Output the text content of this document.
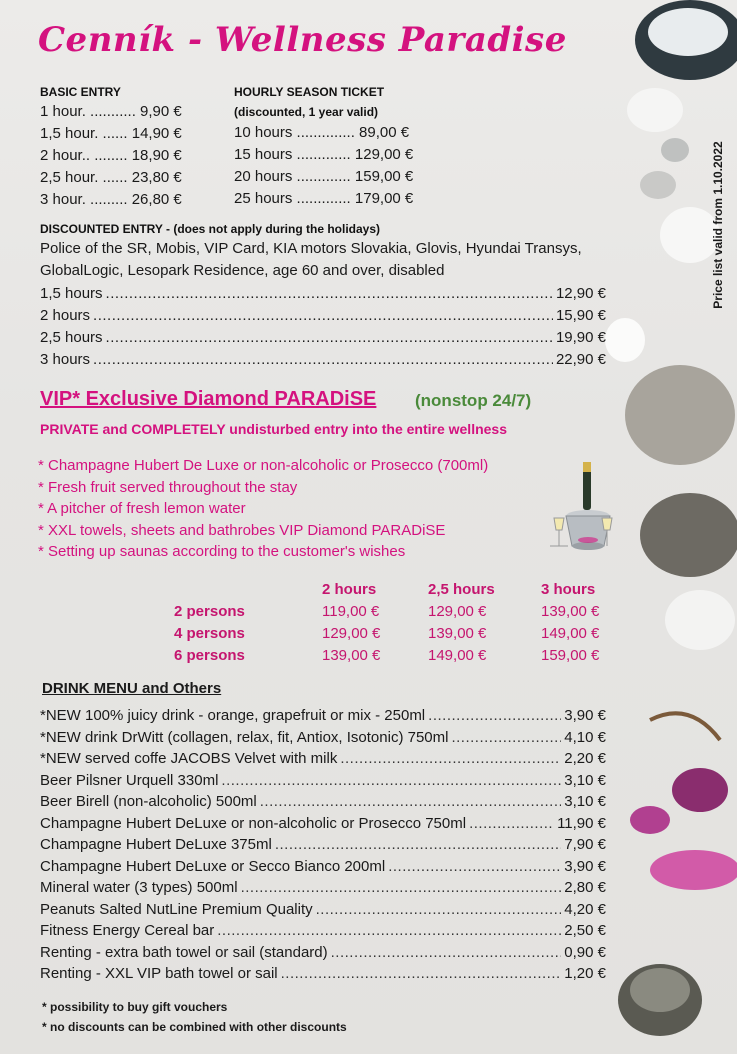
Cenník - Wellness Paradise
Price list valid from 1.10.2022
BASIC ENTRY
1 hour. ........... 9,90 €
1,5 hour. ...... 14,90 €
2 hour.. ........ 18,90 €
2,5 hour. ...... 23,80 €
3 hour. ......... 26,80 €
HOURLY SEASON TICKET
(discounted, 1 year valid)
10 hours .............. 89,00 €
15 hours ............. 129,00 €
20 hours ............. 159,00 €
25 hours ............. 179,00 €
DISCOUNTED ENTRY - (does not apply during the holidays)
Police of the SR, Mobis, VIP Card, KIA motors Slovakia, Glovis, Hyundai Transys,
GlobalLogic, Lesopark Residence, age 60 and over, disabled
1,5 hours .....	12,90 €
2 hours .....	15,90 €
2,5 hours .....	19,90 €
3 hours .....	22,90 €
VIP* Exclusive Diamond PARADiSE (nonstop 24/7)
PRIVATE and COMPLETELY undisturbed entry into the entire wellness
* Champagne Hubert De Luxe or non-alcoholic or Prosecco (700ml)
* Fresh fruit served throughout the stay
* A pitcher of fresh lemon water
* XXL towels, sheets and bathrobes VIP Diamond PARADiSE
* Setting up saunas according to the customer's wishes
	2 hours	2,5 hours	3 hours
2 persons	119,00 €	129,00 €	139,00 €
4 persons	129,00 €	139,00 €	149,00 €
6 persons	139,00 €	149,00 €	159,00 €
DRINK MENU and Others
*NEW 100% juicy drink - orange, grapefruit or mix - 250ml .....	3,90 €
*NEW drink DrWitt (collagen, relax, fit, Antiox, Isotonic) 750ml .....	4,10 €
*NEW served coffe JACOBS Velvet with milk .....	2,20 €
Beer Pilsner Urquell 330ml .....	3,10 €
Beer Birell (non-alcoholic) 500ml .....	3,10 €
Champagne Hubert DeLuxe or non-alcoholic or Prosecco 750ml .....	11,90 €
Champagne Hubert DeLuxe 375ml .....	7,90 €
Champagne Hubert DeLuxe or Secco Bianco 200ml .....	3,90 €
Mineral water (3 types) 500ml .....	2,80 €
Peanuts Salted NutLine Premium Quality .....	4,20 €
Fitness Energy Cereal bar .....	2,50 €
Renting - extra bath towel or sail (standard) .....	0,90 €
Renting - XXL VIP bath towel or sail .....	1,20 €
* possibility to buy gift vouchers
* no discounts can be combined with other discounts
